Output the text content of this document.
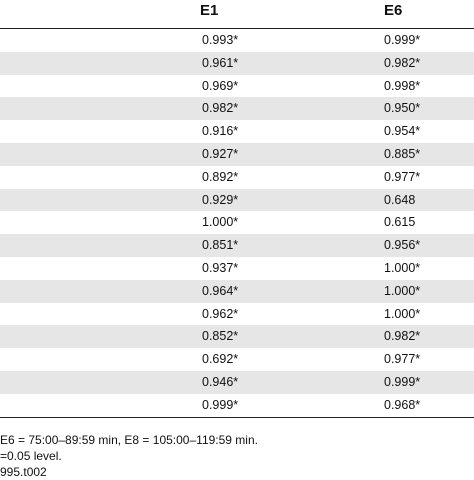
E1	E6
0.993*	0.999*
0.961*	0.982*
0.969*	0.998*
0.982*	0.950*
0.916*	0.954*
0.927*	0.885*
0.892*	0.977*
0.929*	0.648
1.000*	0.615
0.851*	0.956*
0.937*	1.000*
0.964*	1.000*
0.962*	1.000*
0.852*	0.982*
0.692*	0.977*
0.946*	0.999*
0.999*	0.968*
E6 = 75:00–89:59 min, E8 = 105:00–119:59 min.
=0.05 level.
995.t002
